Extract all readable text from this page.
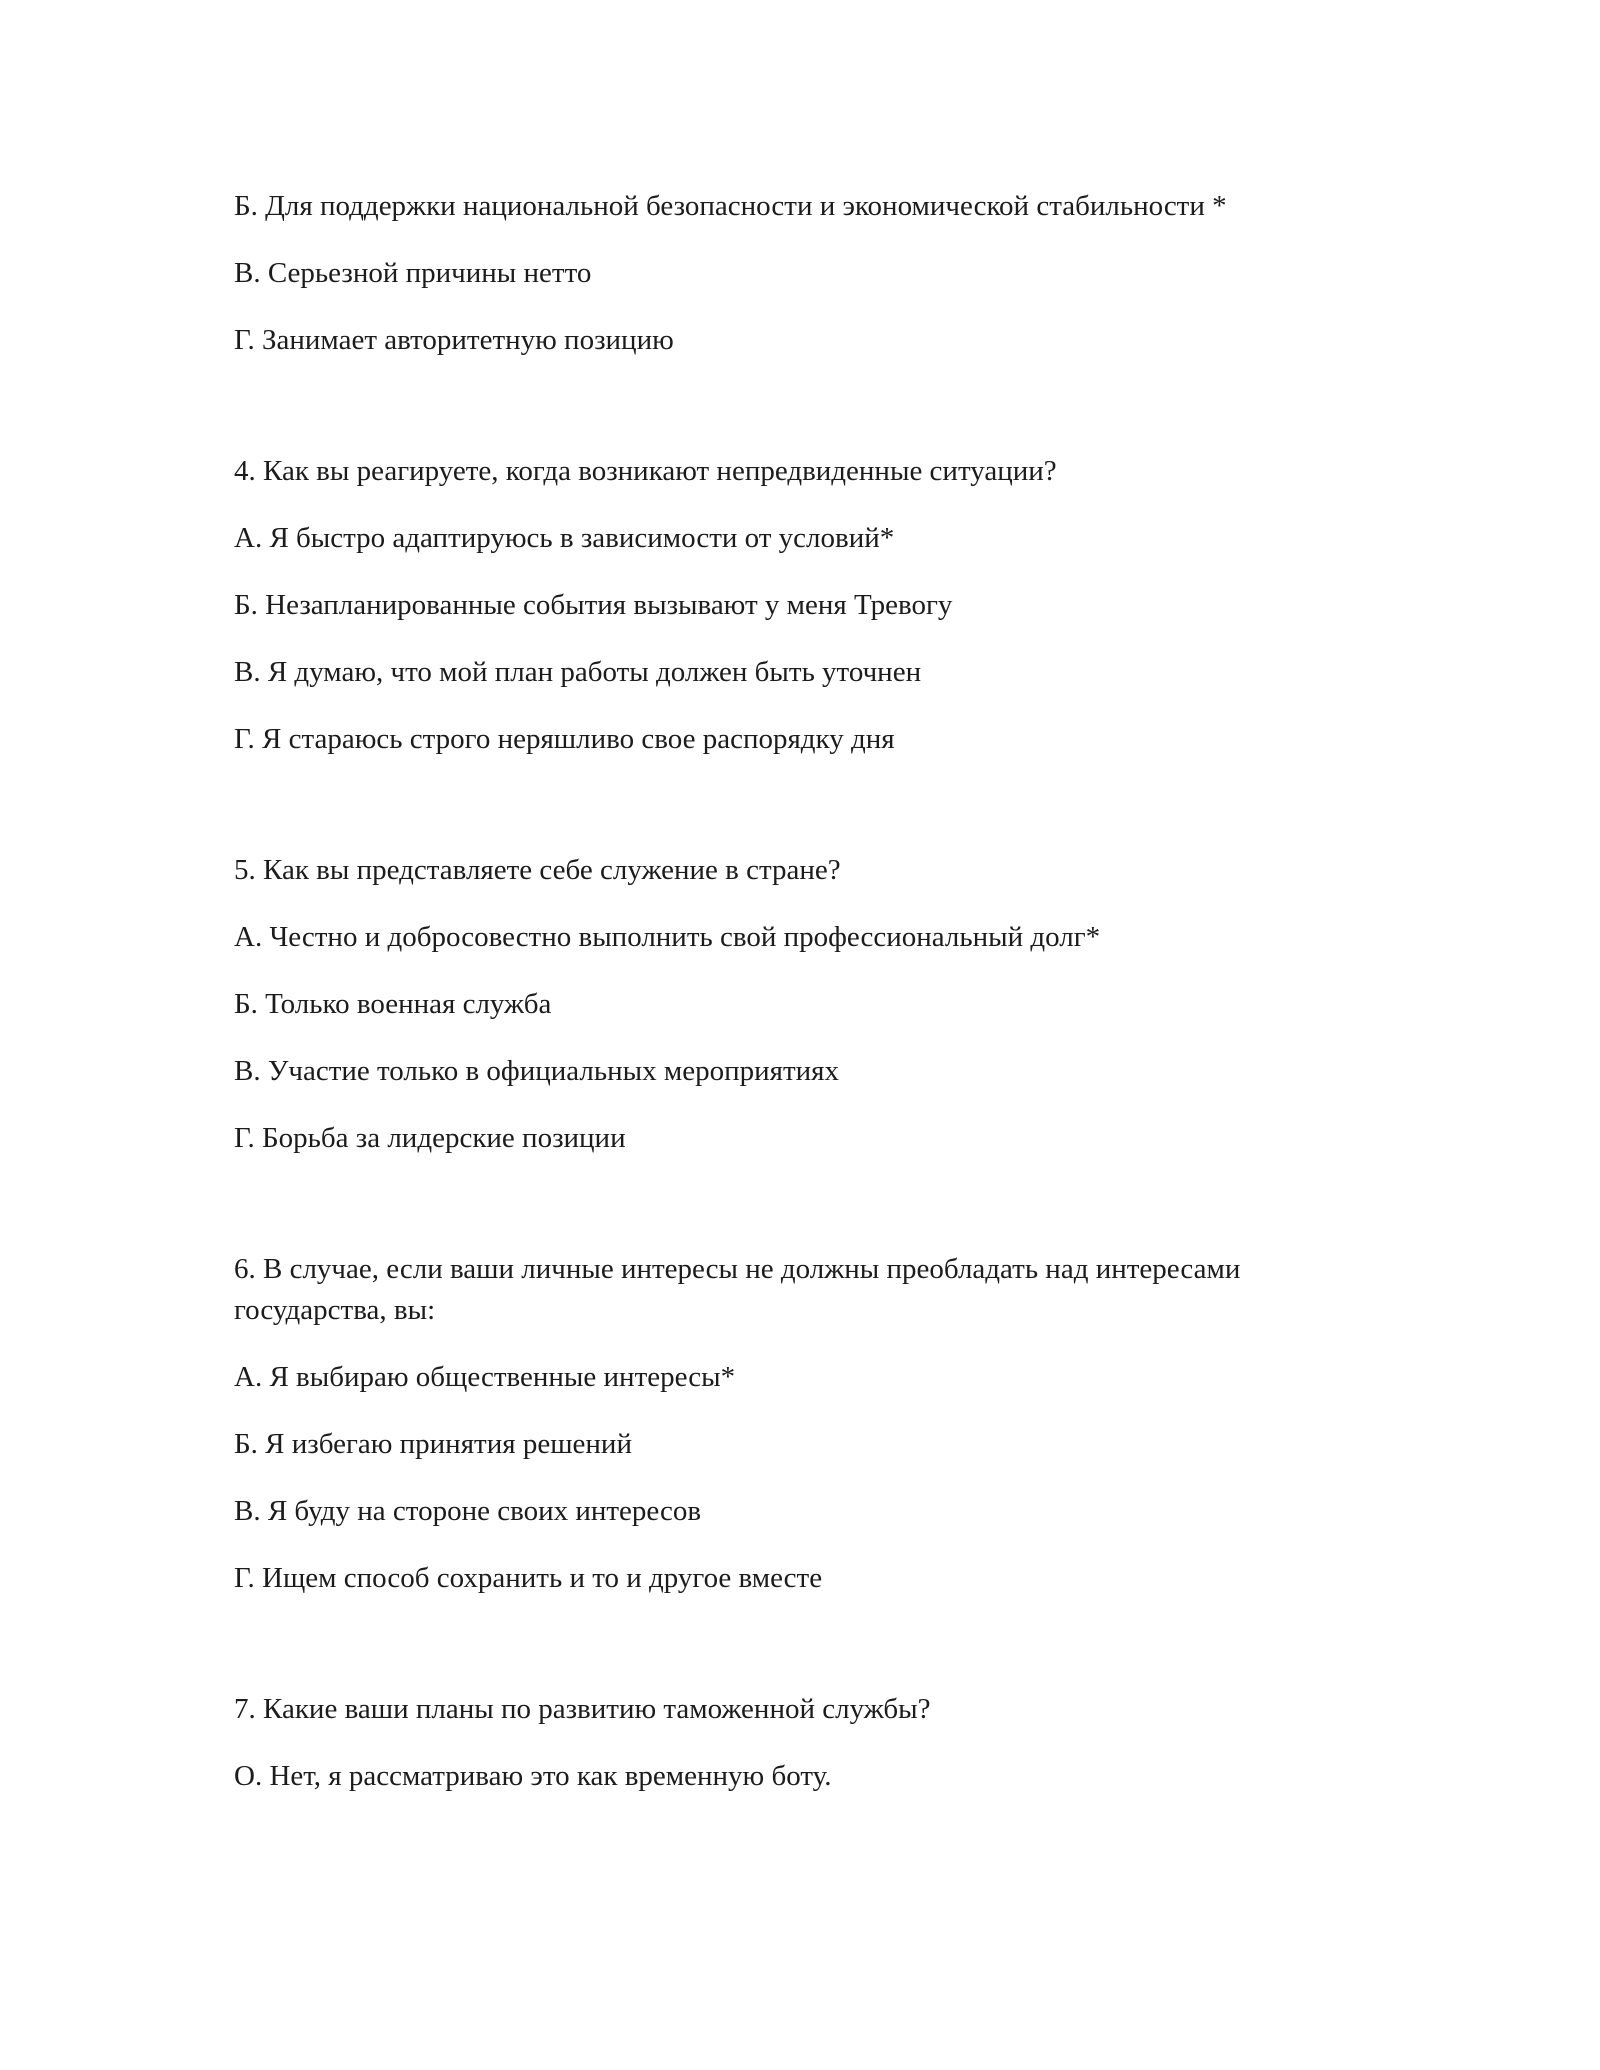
Б. Для поддержки национальной безопасности и экономической стабильности *

В. Серьезной причины нетто

Г. Занимает авторитетную позицию

4. Как вы реагируете, когда возникают непредвиденные ситуации?

А. Я быстро адаптируюсь в зависимости от условий*

Б. Незапланированные события вызывают у меня Тревогу

В. Я думаю, что мой план работы должен быть уточнен

Г. Я стараюсь строго неряшливо свое распорядку дня

5. Как вы представляете себе служение в стране?

А. Честно и добросовестно выполнить свой профессиональный долг*

Б. Только военная служба

В. Участие только в официальных мероприятиях

Г. Борьба за лидерские позиции

6. В случае, если ваши личные интересы не должны преобладать над интересами государства, вы:

А. Я выбираю общественные интересы*

Б. Я избегаю принятия решений

В. Я буду на стороне своих интересов

Г. Ищем способ сохранить и то и другое вместе

7. Какие ваши планы по развитию таможенной службы?

О. Нет, я рассматриваю это как временную боту.
